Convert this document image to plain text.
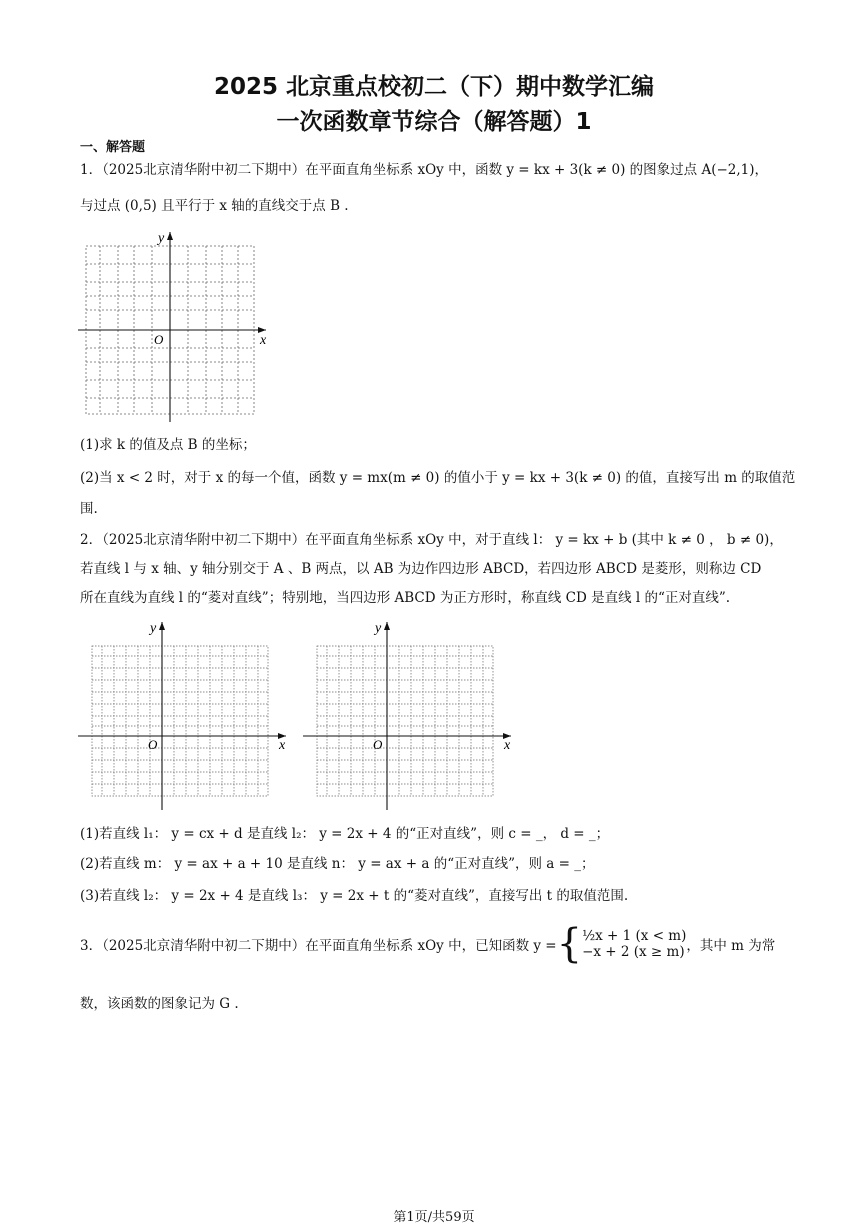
2025 北京重点校初二（下）期中数学汇编
一次函数章节综合（解答题）1
一、解答题
1．（2025北京清华附中初二下期中）在平面直角坐标系 xOy 中，函数 y = kx + 3(k ≠ 0) 的图象过点 A(−2,1)，
与过点 (0,5) 且平行于 x 轴的直线交于点 B .
y
x
O
(1)求 k 的值及点 B 的坐标；
(2)当 x < 2 时，对于 x 的每一个值，函数 y = mx(m ≠ 0) 的值小于 y = kx + 3(k ≠ 0) 的值，直接写出 m 的取值范
围.
2．（2025北京清华附中初二下期中）在平面直角坐标系 xOy 中，对于直线 l： y = kx + b (其中 k ≠ 0 ， b ≠ 0)，
若直线 l 与 x 轴、y 轴分别交于 A 、B 两点，以 AB 为边作四边形 ABCD，若四边形 ABCD 是菱形，则称边 CD
所在直线为直线 l 的“菱对直线”；特别地，当四边形 ABCD 为正方形时，称直线 CD 是直线 l 的“正对直线”.
y
x
O
y
x
O
(1)若直线 l₁： y = cx + d 是直线 l₂： y = 2x + 4 的“正对直线”，则 c = _， d = _；
(2)若直线 m： y = ax + a + 10 是直线 n： y = ax + a 的“正对直线”，则 a = _；
(3)若直线 l₂： y = 2x + 4 是直线 l₃： y = 2x + t 的“菱对直线”，直接写出 t 的取值范围.
3．（2025北京清华附中初二下期中）在平面直角坐标系 xOy 中，已知函数 y = { ½x + 1 (x < m)
−x + 2 (x ≥ m) ，其中 m 为常
数，该函数的图象记为 G .
第1页/共59页
